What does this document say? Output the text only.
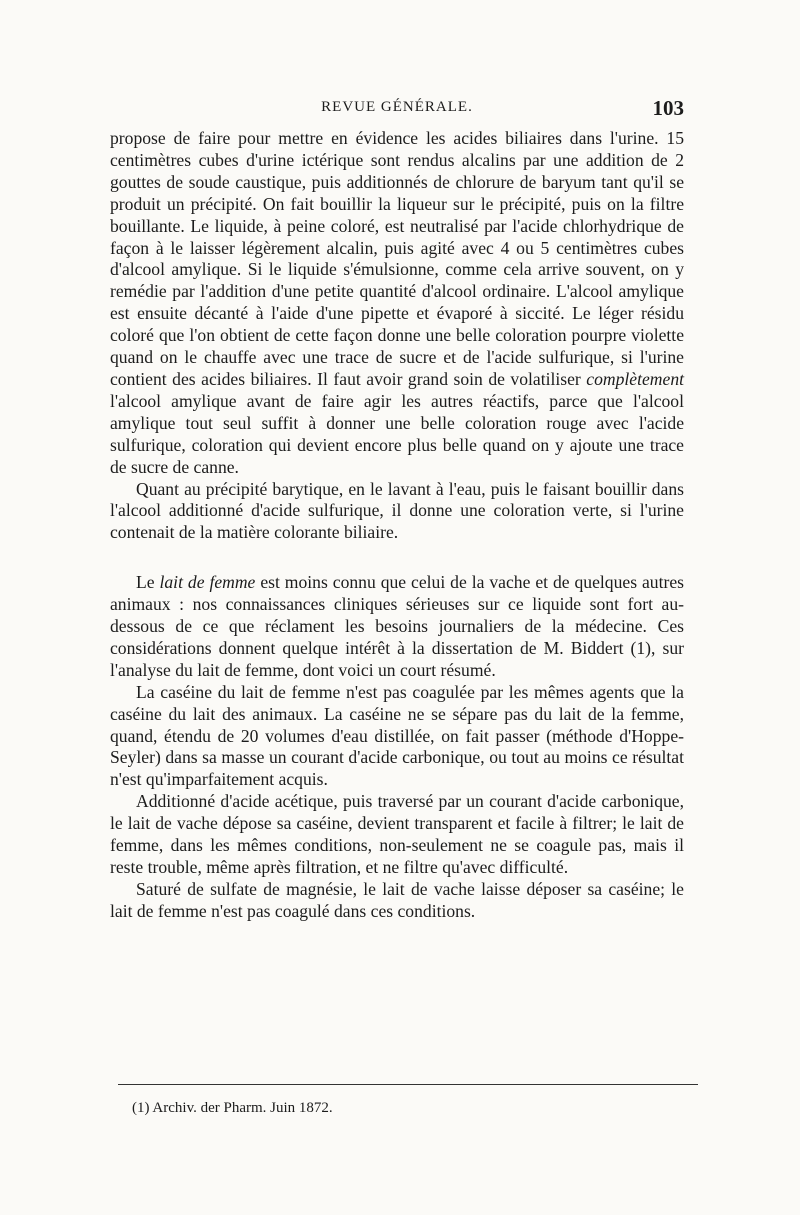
REVUE GÉNÉRALE.	103

propose de faire pour mettre en évidence les acides biliaires dans l'urine. 15 centimètres cubes d'urine ictérique sont rendus alcalins par une addition de 2 gouttes de soude caustique, puis additionnés de chlorure de baryum tant qu'il se produit un précipité. On fait bouillir la liqueur sur le précipité, puis on la filtre bouillante. Le liquide, à peine coloré, est neutralisé par l'acide chlorhydrique de façon à le laisser légèrement alcalin, puis agité avec 4 ou 5 centimètres cubes d'alcool amylique. Si le liquide s'émulsionne, comme cela arrive souvent, on y remédie par l'addition d'une petite quantité d'alcool ordinaire. L'alcool amylique est ensuite décanté à l'aide d'une pipette et évaporé à siccité. Le léger résidu coloré que l'on obtient de cette façon donne une belle coloration pourpre violette quand on le chauffe avec une trace de sucre et de l'acide sulfurique, si l'urine contient des acides biliaires. Il faut avoir grand soin de volatiliser complètement l'alcool amylique avant de faire agir les autres réactifs, parce que l'alcool amylique tout seul suffit à donner une belle coloration rouge avec l'acide sulfurique, coloration qui devient encore plus belle quand on y ajoute une trace de sucre de canne.

Quant au précipité barytique, en le lavant à l'eau, puis le faisant bouillir dans l'alcool additionné d'acide sulfurique, il donne une coloration verte, si l'urine contenait de la matière colorante biliaire.

Le lait de femme est moins connu que celui de la vache et de quelques autres animaux : nos connaissances cliniques sérieuses sur ce liquide sont fort au-dessous de ce que réclament les besoins journaliers de la médecine. Ces considérations donnent quelque intérêt à la dissertation de M. Biddert (1), sur l'analyse du lait de femme, dont voici un court résumé.

La caséine du lait de femme n'est pas coagulée par les mêmes agents que la caséine du lait des animaux. La caséine ne se sépare pas du lait de la femme, quand, étendu de 20 volumes d'eau distillée, on fait passer (méthode d'Hoppe-Seyler) dans sa masse un courant d'acide carbonique, ou tout au moins ce résultat n'est qu'imparfaitement acquis.

Additionné d'acide acétique, puis traversé par un courant d'acide carbonique, le lait de vache dépose sa caséine, devient transparent et facile à filtrer; le lait de femme, dans les mêmes conditions, non-seulement ne se coagule pas, mais il reste trouble, même après filtration, et ne filtre qu'avec difficulté.

Saturé de sulfate de magnésie, le lait de vache laisse déposer sa caséine; le lait de femme n'est pas coagulé dans ces conditions.

(1) Archiv. der Pharm. Juin 1872.
